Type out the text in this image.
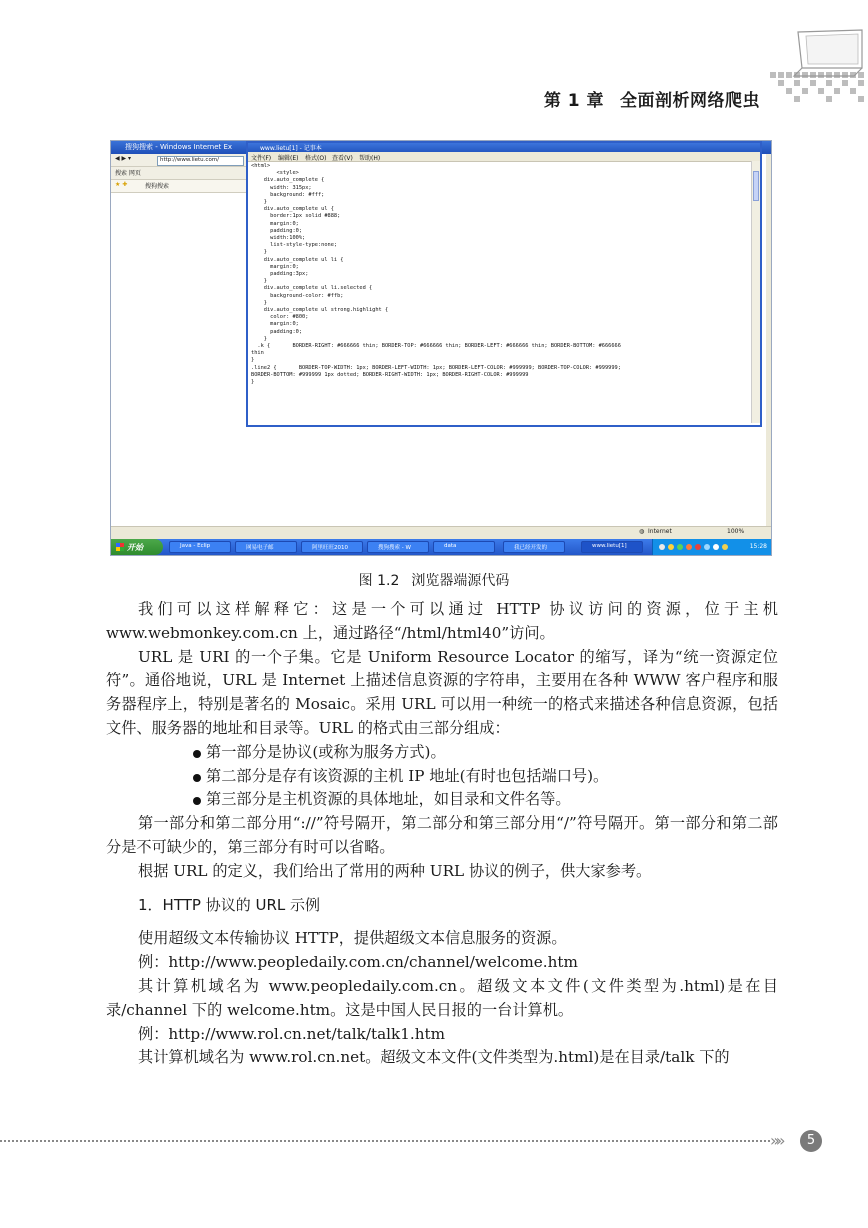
第 1 章 全面剖析网络爬虫
搜狗搜索 - Windows Internet Ex
◀ ▶ ▾	http://www.lietu.com/
搜索 网页
★ ✚	搜狗搜索
www.lietu[1] - 记事本
文件(F) 编辑(E) 格式(O) 查看(V) 帮助(H)
<html>
<style>
div.auto_complete {
width: 315px;
background: #fff;
}
div.auto_complete ul {
border:1px solid #888;
margin:0;
padding:0;
width:100%;
list-style-type:none;
}
div.auto_complete ul li {
margin:0;
padding:3px;
}
div.auto_complete ul li.selected {
background-color: #ffb;
}
div.auto_complete ul strong.highlight {
color: #800;
margin:0;
padding:0;
}
.k {       BORDER-RIGHT: #666666 thin; BORDER-TOP: #666666 thin; BORDER-LEFT: #666666 thin; BORDER-BOTTOM: #666666
thin
}
.line2 {       BORDER-TOP-WIDTH: 1px; BORDER-LEFT-WIDTH: 1px; BORDER-LEFT-COLOR: #999999; BORDER-TOP-COLOR: #999999;
BORDER-BOTTOM: #999999 1px dotted; BORDER-RIGHT-WIDTH: 1px; BORDER-RIGHT-COLOR: #999999
}
◍ Internet	100%
开始	Java - Eclip	网易电子邮	阿里旺旺2010	搜狗搜索 - W	data	我已经开发的	www.lietu[1]	15:28
图 1.2 浏览器端源代码

我们可以这样解释它：这是一个可以通过 HTTP 协议访问的资源，位于主机 www.webmonkey.com.cn 上，通过路径“/html/html40”访问。

URL 是 URI 的一个子集。它是 Uniform Resource Locator 的缩写，译为“统一资源定位符”。通俗地说，URL 是 Internet 上描述信息资源的字符串，主要用在各种 WWW 客户程序和服务器程序上，特别是著名的 Mosaic。采用 URL 可以用一种统一的格式来描述各种信息资源，包括文件、服务器的地址和目录等。URL 的格式由三部分组成：

第一部分是协议(或称为服务方式)。

第二部分是存有该资源的主机 IP 地址(有时也包括端口号)。

第三部分是主机资源的具体地址，如目录和文件名等。

第一部分和第二部分用“://”符号隔开，第二部分和第三部分用“/”符号隔开。第一部分和第二部分是不可缺少的，第三部分有时可以省略。

根据 URL 的定义，我们给出了常用的两种 URL 协议的例子，供大家参考。

1．HTTP 协议的 URL 示例

使用超级文本传输协议 HTTP，提供超级文本信息服务的资源。

例：http://www.peopledaily.com.cn/channel/welcome.htm

其计算机域名为 www.peopledaily.com.cn。超级文本文件(文件类型为.html)是在目录/channel 下的 welcome.htm。这是中国人民日报的一台计算机。

例：http://www.rol.cn.net/talk/talk1.htm

其计算机域名为 www.rol.cn.net。超级文本文件(文件类型为.html)是在目录/talk 下的

»»	5
